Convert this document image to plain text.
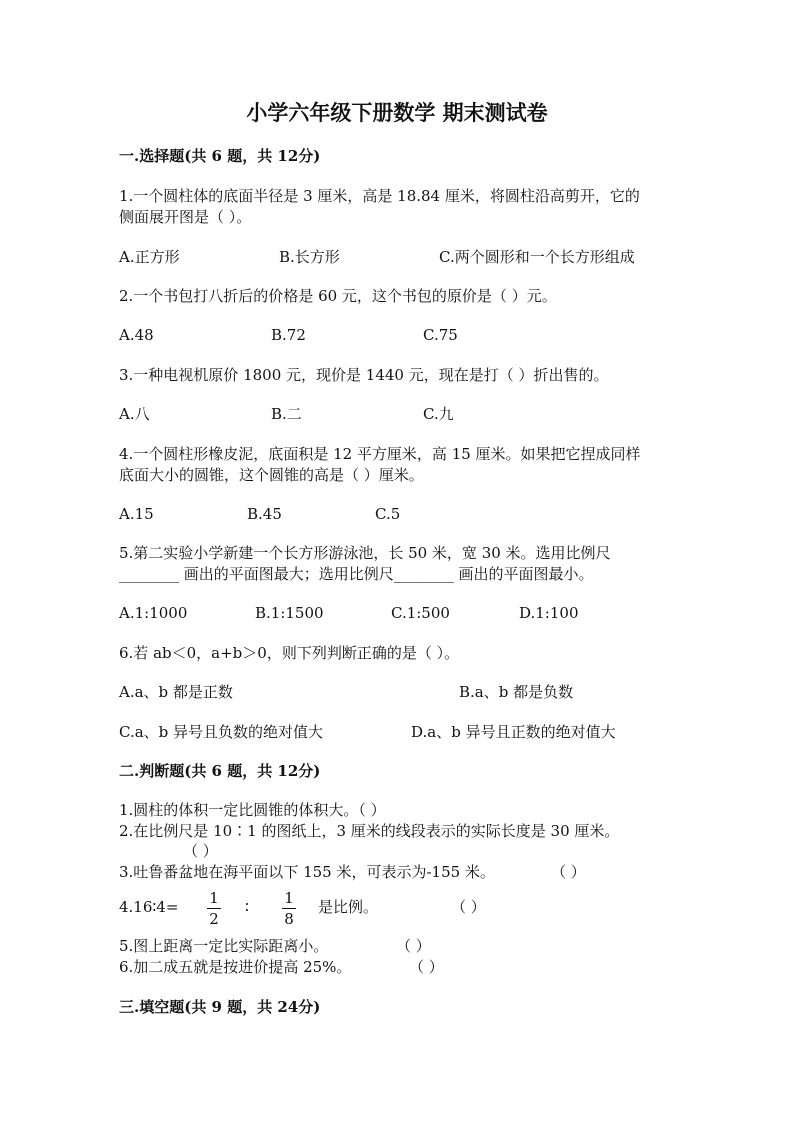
小学六年级下册数学 期末测试卷
一.选择题(共 6 题，共 12分)
1.一个圆柱体的底面半径是 3 厘米，高是 18.84 厘米，将圆柱沿高剪开，它的
侧面展开图是（ ）。
A.正方形	B.长方形	C.两个圆形和一个长方形组成
2.一个书包打八折后的价格是 60 元，这个书包的原价是（ ）元。
A.48	B.72	C.75
3.一种电视机原价 1800 元，现价是 1440 元，现在是打（ ）折出售的。
A.八	B.二	C.九
4.一个圆柱形橡皮泥，底面积是 12 平方厘米，高 15 厘米。如果把它捏成同样
底面大小的圆锥，这个圆锥的高是（ ）厘米。
A.15	B.45	C.5
5.第二实验小学新建一个长方形游泳池，长 50 米，宽 30 米。选用比例尺
________ 画出的平面图最大；选用比例尺________ 画出的平面图最小。
A.1:1000	B.1:1500	C.1:500	D.1:100
6.若 ab＜0，a+b＞0，则下列判断正确的是（ ）。
A.a、b 都是正数	B.a、b 都是负数
C.a、b 异号且负数的绝对值大	D.a、b 异号且正数的绝对值大
二.判断题(共 6 题，共 12分)
1.圆柱的体积一定比圆锥的体积大。（ ）
2.在比例尺是 10∶1 的图纸上，3 厘米的线段表示的实际长度是 30 厘米。
（ ）
3.吐鲁番盆地在海平面以下 155 米，可表示为-155 米。	（ ）
4.16∶4= 1
2
∶ 1
8
是比例。	（ ）
5.图上距离一定比实际距离小。	（ ）
6.加二成五就是按进价提高 25%。	（ ）
三.填空题(共 9 题，共 24分)
